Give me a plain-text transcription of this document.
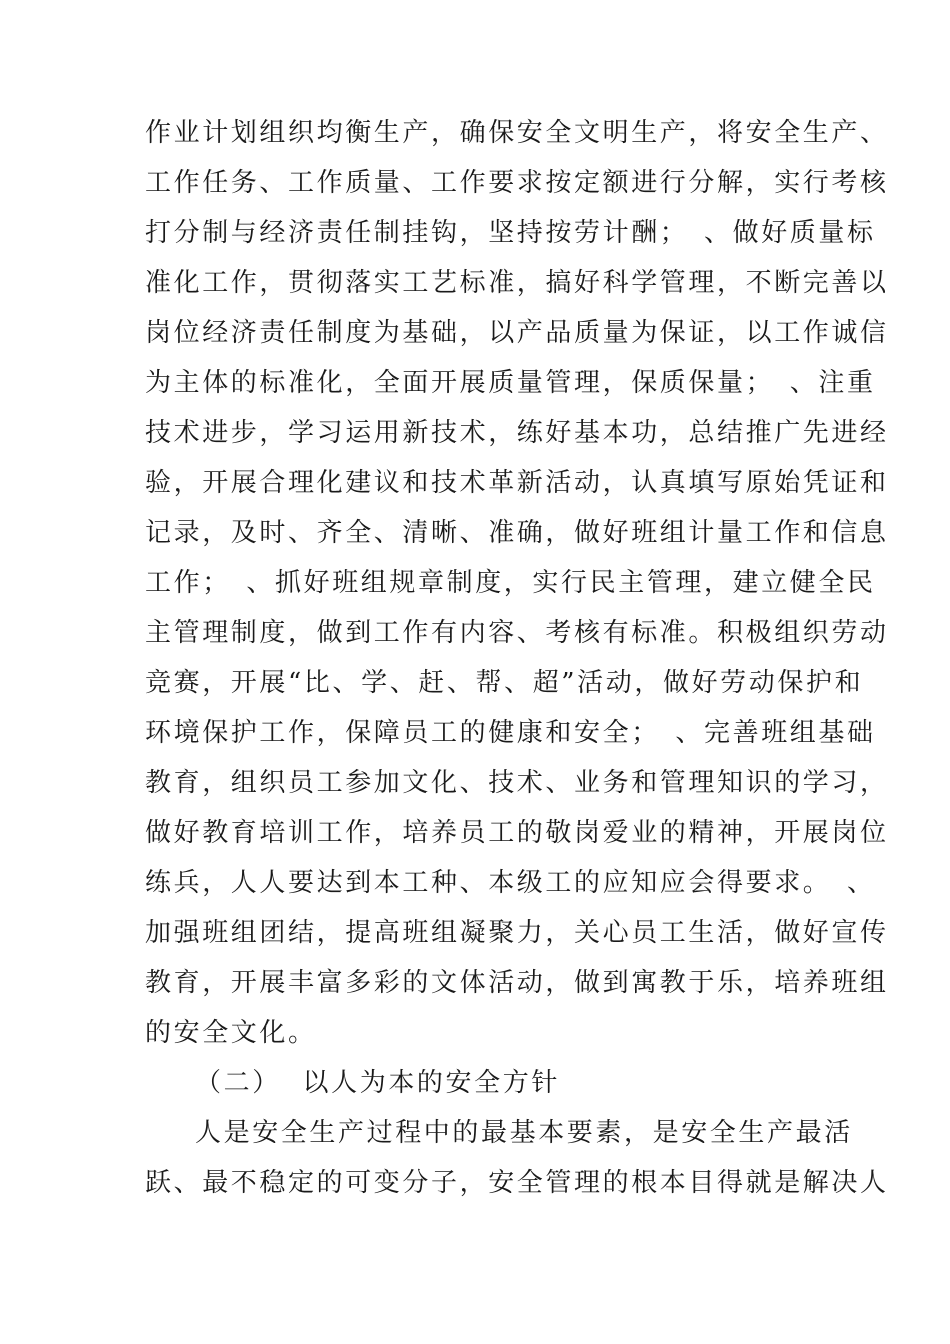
作业计划组织均衡生产，确保安全文明生产，将安全生产、
工作任务、工作质量、工作要求按定额进行分解，实行考核
打分制与经济责任制挂钩，坚持按劳计酬；　、做好质量标
准化工作，贯彻落实工艺标准，搞好科学管理，不断完善以
岗位经济责任制度为基础，以产品质量为保证，以工作诚信
为主体的标准化，全面开展质量管理，保质保量；　、注重
技术进步，学习运用新技术，练好基本功，总结推广先进经
验，开展合理化建议和技术革新活动，认真填写原始凭证和
记录，及时、齐全、清晰、准确，做好班组计量工作和信息
工作；　、抓好班组规章制度，实行民主管理，建立健全民
主管理制度，做到工作有内容、考核有标准。积极组织劳动
竞赛，开展“比、学、赶、帮、超”活动，做好劳动保护和
环境保护工作，保障员工的健康和安全；　、完善班组基础
教育，组织员工参加文化、技术、业务和管理知识的学习，
做好教育培训工作，培养员工的敬岗爱业的精神，开展岗位
练兵，人人要达到本工种、本级工的应知应会得要求。　、
加强班组团结，提高班组凝聚力，关心员工生活，做好宣传
教育，开展丰富多彩的文体活动，做到寓教于乐，培养班组
的安全文化。
（二）  以人为本的安全方针
人是安全生产过程中的最基本要素，是安全生产最活
跃、最不稳定的可变分子，安全管理的根本目得就是解决人
